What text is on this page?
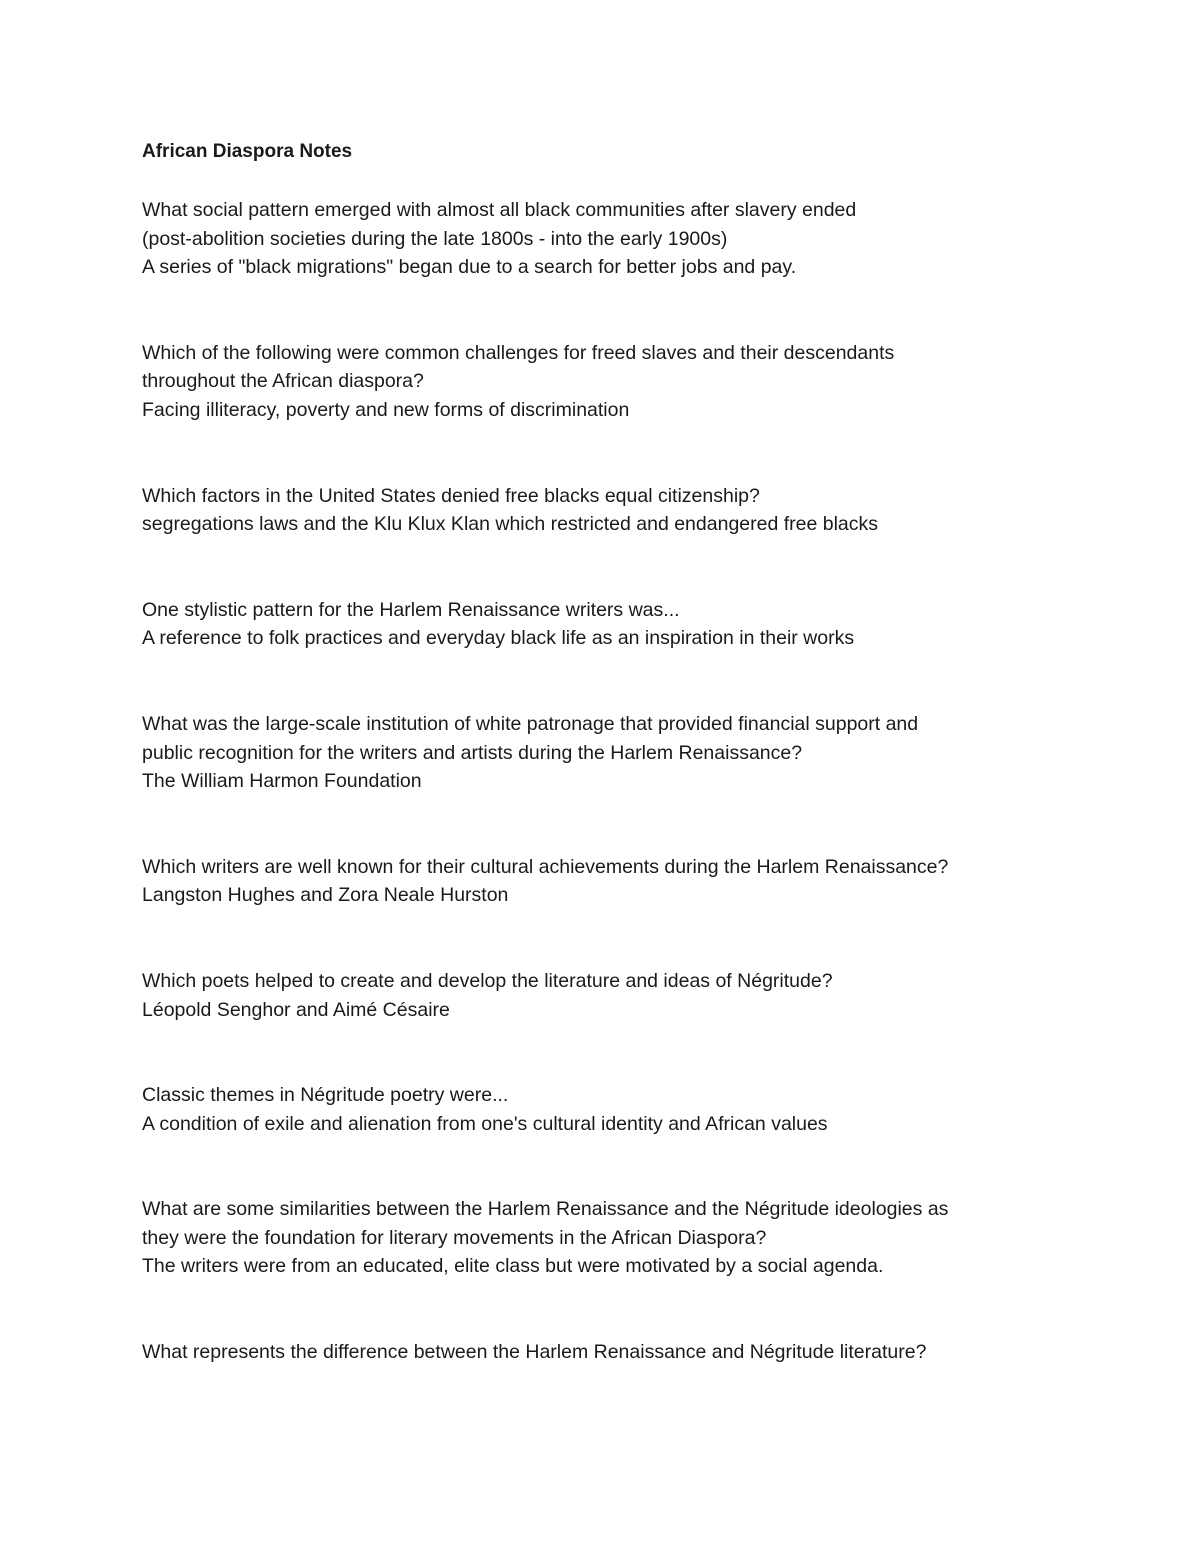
African Diaspora Notes
What social pattern emerged with almost all black communities after slavery ended
(post-abolition societies during the late 1800s - into the early 1900s)
A series of "black migrations" began due to a search for better jobs and pay.
Which of the following were common challenges for freed slaves and their descendants
throughout the African diaspora?
Facing illiteracy, poverty and new forms of discrimination
Which factors in the United States denied free blacks equal citizenship?
segregations laws and the Klu Klux Klan which restricted and endangered free blacks
One stylistic pattern for the Harlem Renaissance writers was...
A reference to folk practices and everyday black life as an inspiration in their works
What was the large-scale institution of white patronage that provided financial support and
public recognition for the writers and artists during the Harlem Renaissance?
The William Harmon Foundation
Which writers are well known for their cultural achievements during the Harlem Renaissance?
Langston Hughes and Zora Neale Hurston
Which poets helped to create and develop the literature and ideas of Négritude?
Léopold Senghor and Aimé Césaire
Classic themes in Négritude poetry were...
A condition of exile and alienation from one's cultural identity and African values
What are some similarities between the Harlem Renaissance and the Négritude ideologies as
they were the foundation for literary movements in the African Diaspora?
The writers were from an educated, elite class but were motivated by a social agenda.
What represents the difference between the Harlem Renaissance and Négritude literature?
